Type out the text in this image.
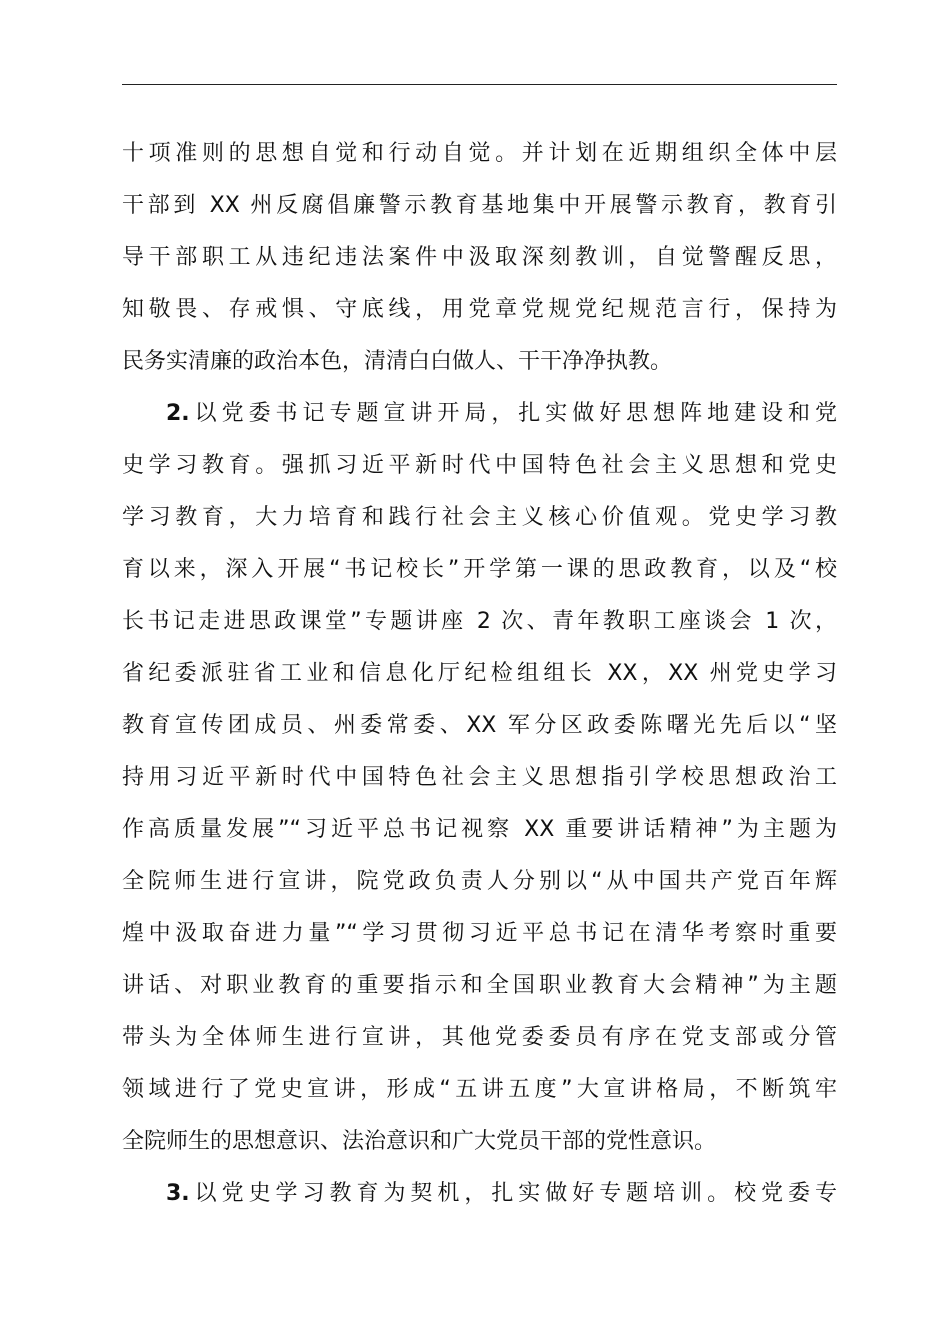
十项准则的思想自觉和行动自觉。并计划在近期组织全体中层
干部到 XX 州反腐倡廉警示教育基地集中开展警示教育，教育引
导干部职工从违纪违法案件中汲取深刻教训，自觉警醒反思，
知敬畏、存戒惧、守底线，用党章党规党纪规范言行，保持为
民务实清廉的政治本色，清清白白做人、干干净净执教。
2.以党委书记专题宣讲开局，扎实做好思想阵地建设和党
史学习教育。强抓习近平新时代中国特色社会主义思想和党史
学习教育，大力培育和践行社会主义核心价值观。党史学习教
育以来，深入开展“书记校长”开学第一课的思政教育，以及“校
长书记走进思政课堂”专题讲座 2 次、青年教职工座谈会 1 次，
省纪委派驻省工业和信息化厅纪检组组长 XX，XX 州党史学习
教育宣传团成员、州委常委、XX 军分区政委陈曙光先后以“坚
持用习近平新时代中国特色社会主义思想指引学校思想政治工
作高质量发展”“习近平总书记视察 XX 重要讲话精神”为主题为
全院师生进行宣讲，院党政负责人分别以“从中国共产党百年辉
煌中汲取奋进力量”“学习贯彻习近平总书记在清华考察时重要
讲话、对职业教育的重要指示和全国职业教育大会精神”为主题
带头为全体师生进行宣讲，其他党委委员有序在党支部或分管
领域进行了党史宣讲，形成“五讲五度”大宣讲格局，不断筑牢
全院师生的思想意识、法治意识和广大党员干部的党性意识。
3.以党史学习教育为契机，扎实做好专题培训。校党委专
